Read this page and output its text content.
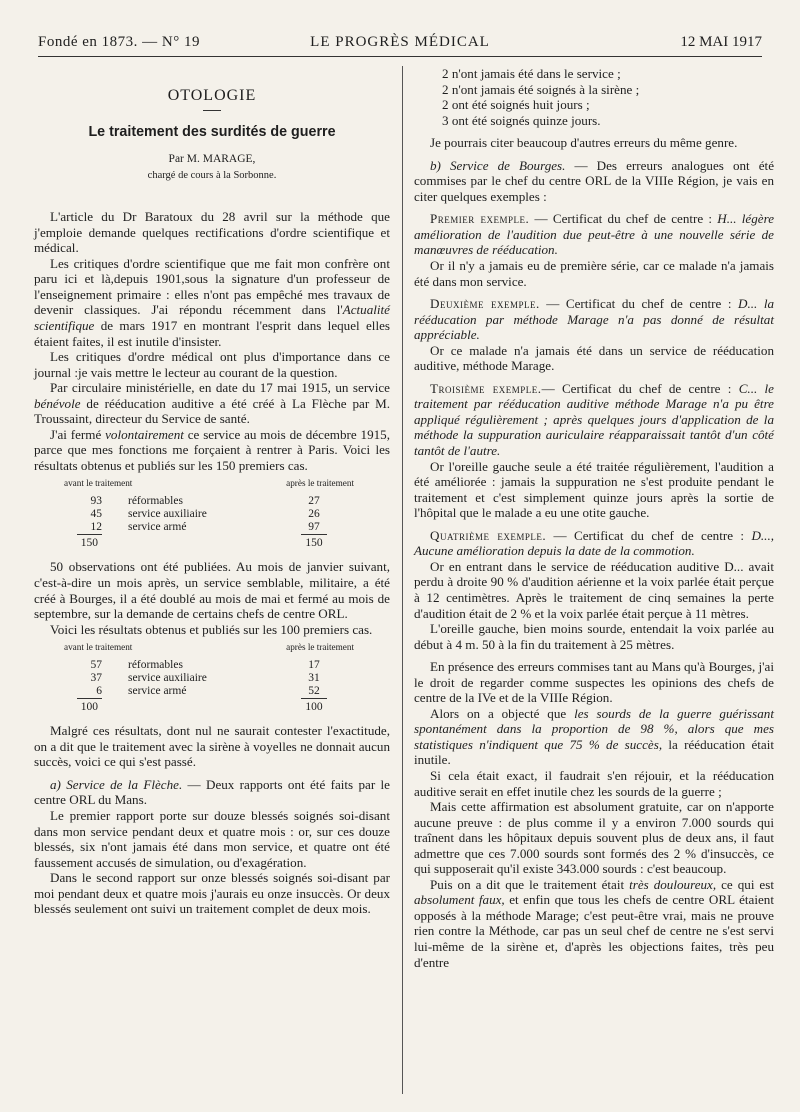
Fondé en 1873. — N° 19	LE PROGRÈS MÉDICAL	12 MAI 1917
OTOLOGIE
Le traitement des surdités de guerre
Par M. MARAGE,
chargé de cours à la Sorbonne.

L'article du Dr Baratoux du 28 avril sur la méthode que j'emploie demande quelques rectifications d'ordre scientifique et médical.

Les critiques d'ordre scientifique que me fait mon confrère ont paru ici et là,depuis 1901,sous la signature d'un professeur de l'enseignement primaire : elles n'ont pas empêché mes travaux de devenir classiques. J'ai répondu récemment dans l'Actualité scientifique de mars 1917 en montrant l'esprit dans lequel elles étaient faites, il est inutile d'insister.

Les critiques d'ordre médical ont plus d'importance dans ce journal :je vais mettre le lecteur au courant de la question.

Par circulaire ministérielle, en date du 17 mai 1915, un service bénévole de rééducation auditive a été créé à La Flèche par M. Troussaint, directeur du Service de santé.

J'ai fermé volontairement ce service au mois de décembre 1915, parce que mes fonctions me forçaient à rentrer à Paris. Voici les résultats obtenus et publiés sur les 150 premiers cas.

avant le traitement	après le traitement
93	réformables	27
45	service auxiliaire	26
12	service armé	97
150	150

50 observations ont été publiées. Au mois de janvier suivant, c'est-à-dire un mois après, un service semblable, militaire, a été créé à Bourges, il a été doublé au mois de mai et fermé au mois de septembre, sur la demande de certains chefs de centre ORL.

Voici les résultats obtenus et publiés sur les 100 premiers cas.

avant le traitement	après le traitement
57	réformables	17
37	service auxiliaire	31
6	service armé	52
100	100

Malgré ces résultats, dont nul ne saurait contester l'exactitude, on a dit que le traitement avec la sirène à voyelles ne donnait aucun succès, voici ce qui s'est passé.

a) Service de la Flèche. — Deux rapports ont été faits par le centre ORL du Mans.

Le premier rapport porte sur douze blessés soignés soi-disant dans mon service pendant deux et quatre mois : or, sur ces douze blessés, six n'ont jamais été dans mon service, et quatre ont été faussement accusés de simulation, ou d'exagération.

Dans le second rapport sur onze blessés soignés soi-disant par moi pendant deux et quatre mois j'aurais eu onze insuccès. Or deux blessés seulement ont suivi un traitement complet de deux mois.

2 n'ont jamais été dans le service ;

2 n'ont jamais été soignés à la sirène ;

2 ont été soignés huit jours ;

3 ont été soignés quinze jours.

Je pourrais citer beaucoup d'autres erreurs du même genre.

b) Service de Bourges. — Des erreurs analogues ont été commises par le chef du centre ORL de la VIIIe Région, je vais en citer quelques exemples :

Premier exemple. — Certificat du chef de centre : H... légère amélioration de l'audition due peut-être à une nouvelle série de manœuvres de rééducation.

Or il n'y a jamais eu de première série, car ce malade n'a jamais été dans mon service.

Deuxième exemple. — Certificat du chef de centre : D... la rééducation par méthode Marage n'a pas donné de résultat appréciable.

Or ce malade n'a jamais été dans un service de rééducation auditive, méthode Marage.

Troisième exemple.— Certificat du chef de centre : C... le traitement par rééducation auditive méthode Marage n'a pu être appliqué régulièrement ; après quelques jours d'application de la méthode la suppuration auriculaire réapparaissait tantôt d'un côté tantôt de l'autre.

Or l'oreille gauche seule a été traitée régulièrement, l'audition a été améliorée : jamais la suppuration ne s'est produite pendant le traitement et c'est simplement quinze jours après la sortie de l'hôpital que le malade a eu une otite gauche.

Quatrième exemple. — Certificat du chef de centre : D..., Aucune amélioration depuis la date de la commotion.

Or en entrant dans le service de rééducation auditive D... avait perdu à droite 90 % d'audition aérienne et la voix parlée était perçue à 12 centimètres. Après le traitement de cinq semaines la perte d'audition était de 2 % et la voix parlée était perçue à 11 mètres.

L'oreille gauche, bien moins sourde, entendait la voix parlée au début à 4 m. 50 à la fin du traitement à 25 mètres.

En présence des erreurs commises tant au Mans qu'à Bourges, j'ai le droit de regarder comme suspectes les opinions des chefs de centre de la IVe et de la VIIIe Région.

Alors on a objecté que les sourds de la guerre guérissant spontanément dans la proportion de 98 %, alors que mes statistiques n'indiquent que 75 % de succès, la rééducation était inutile.

Si cela était exact, il faudrait s'en réjouir, et la rééducation auditive serait en effet inutile chez les sourds de la guerre ;

Mais cette affirmation est absolument gratuite, car on n'apporte aucune preuve : de plus comme il y a environ 7.000 sourds qui traînent dans les hôpitaux depuis souvent plus de deux ans, il faut admettre que ces 7.000 sourds sont formés des 2 % d'insuccès, ce qui supposerait qu'il existe 343.000 sourds : c'est beaucoup.

Puis on a dit que le traitement était très douloureux, ce qui est absolument faux, et enfin que tous les chefs de centre ORL étaient opposés à la méthode Marage; c'est peut-être vrai, mais ne prouve rien contre la Méthode, car pas un seul chef de centre ne s'est servi lui-même de la sirène et, d'après les objections faites, très peu d'entre
